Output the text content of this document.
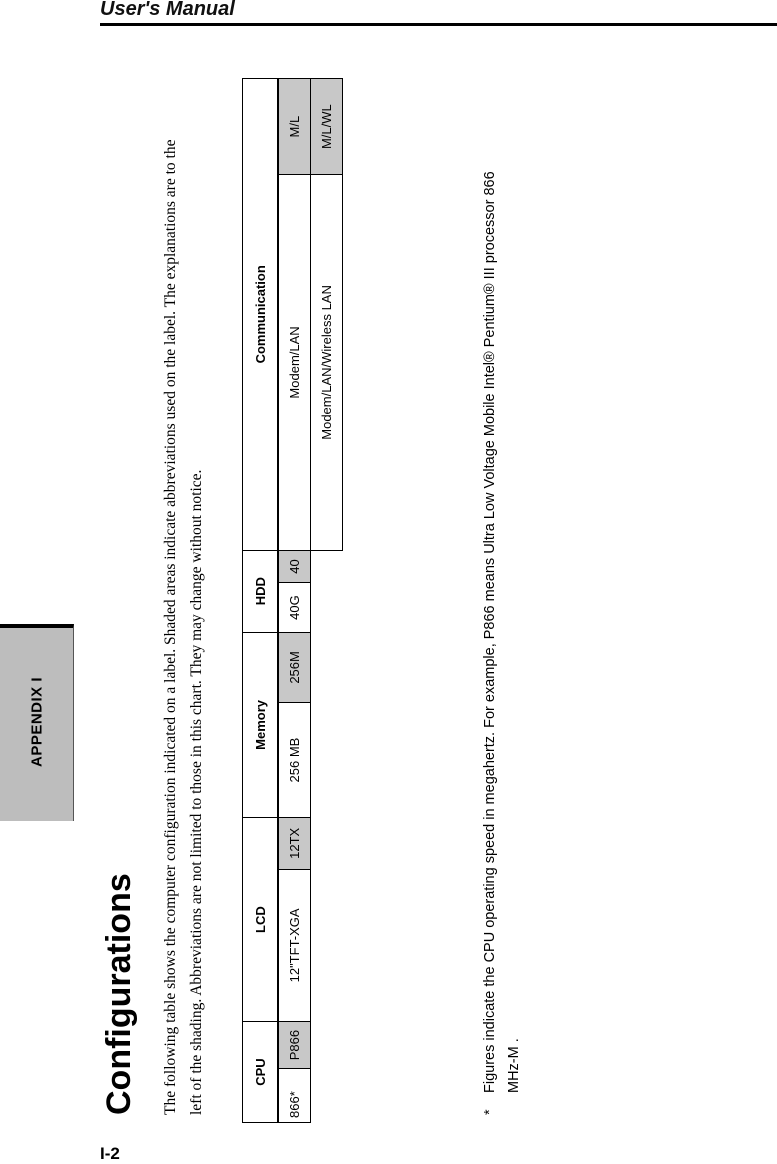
User's Manual
APPENDIX I
Configurations The following table shows the computer configuration indicated on a label. Shaded areas indicate abbreviations used on the label. The explanations are to the left of the shading. Abbreviations are not limited to those in this chart. They may change without notice.	CPU		LCD		Memory		HDD		Communication	
866*	P866	12"TFT-XGA	12TX	256 MB	256M	40G	40	Modem/LAN	M/L
								Modem/LAN/Wireless LAN	M/L/WL
*
Figures indicate the CPU operating speed in megahertz. For example, P866 means Ultra Low Voltage Mobile Intel® Pentium® III processor 866 MHz-M .
I-2
